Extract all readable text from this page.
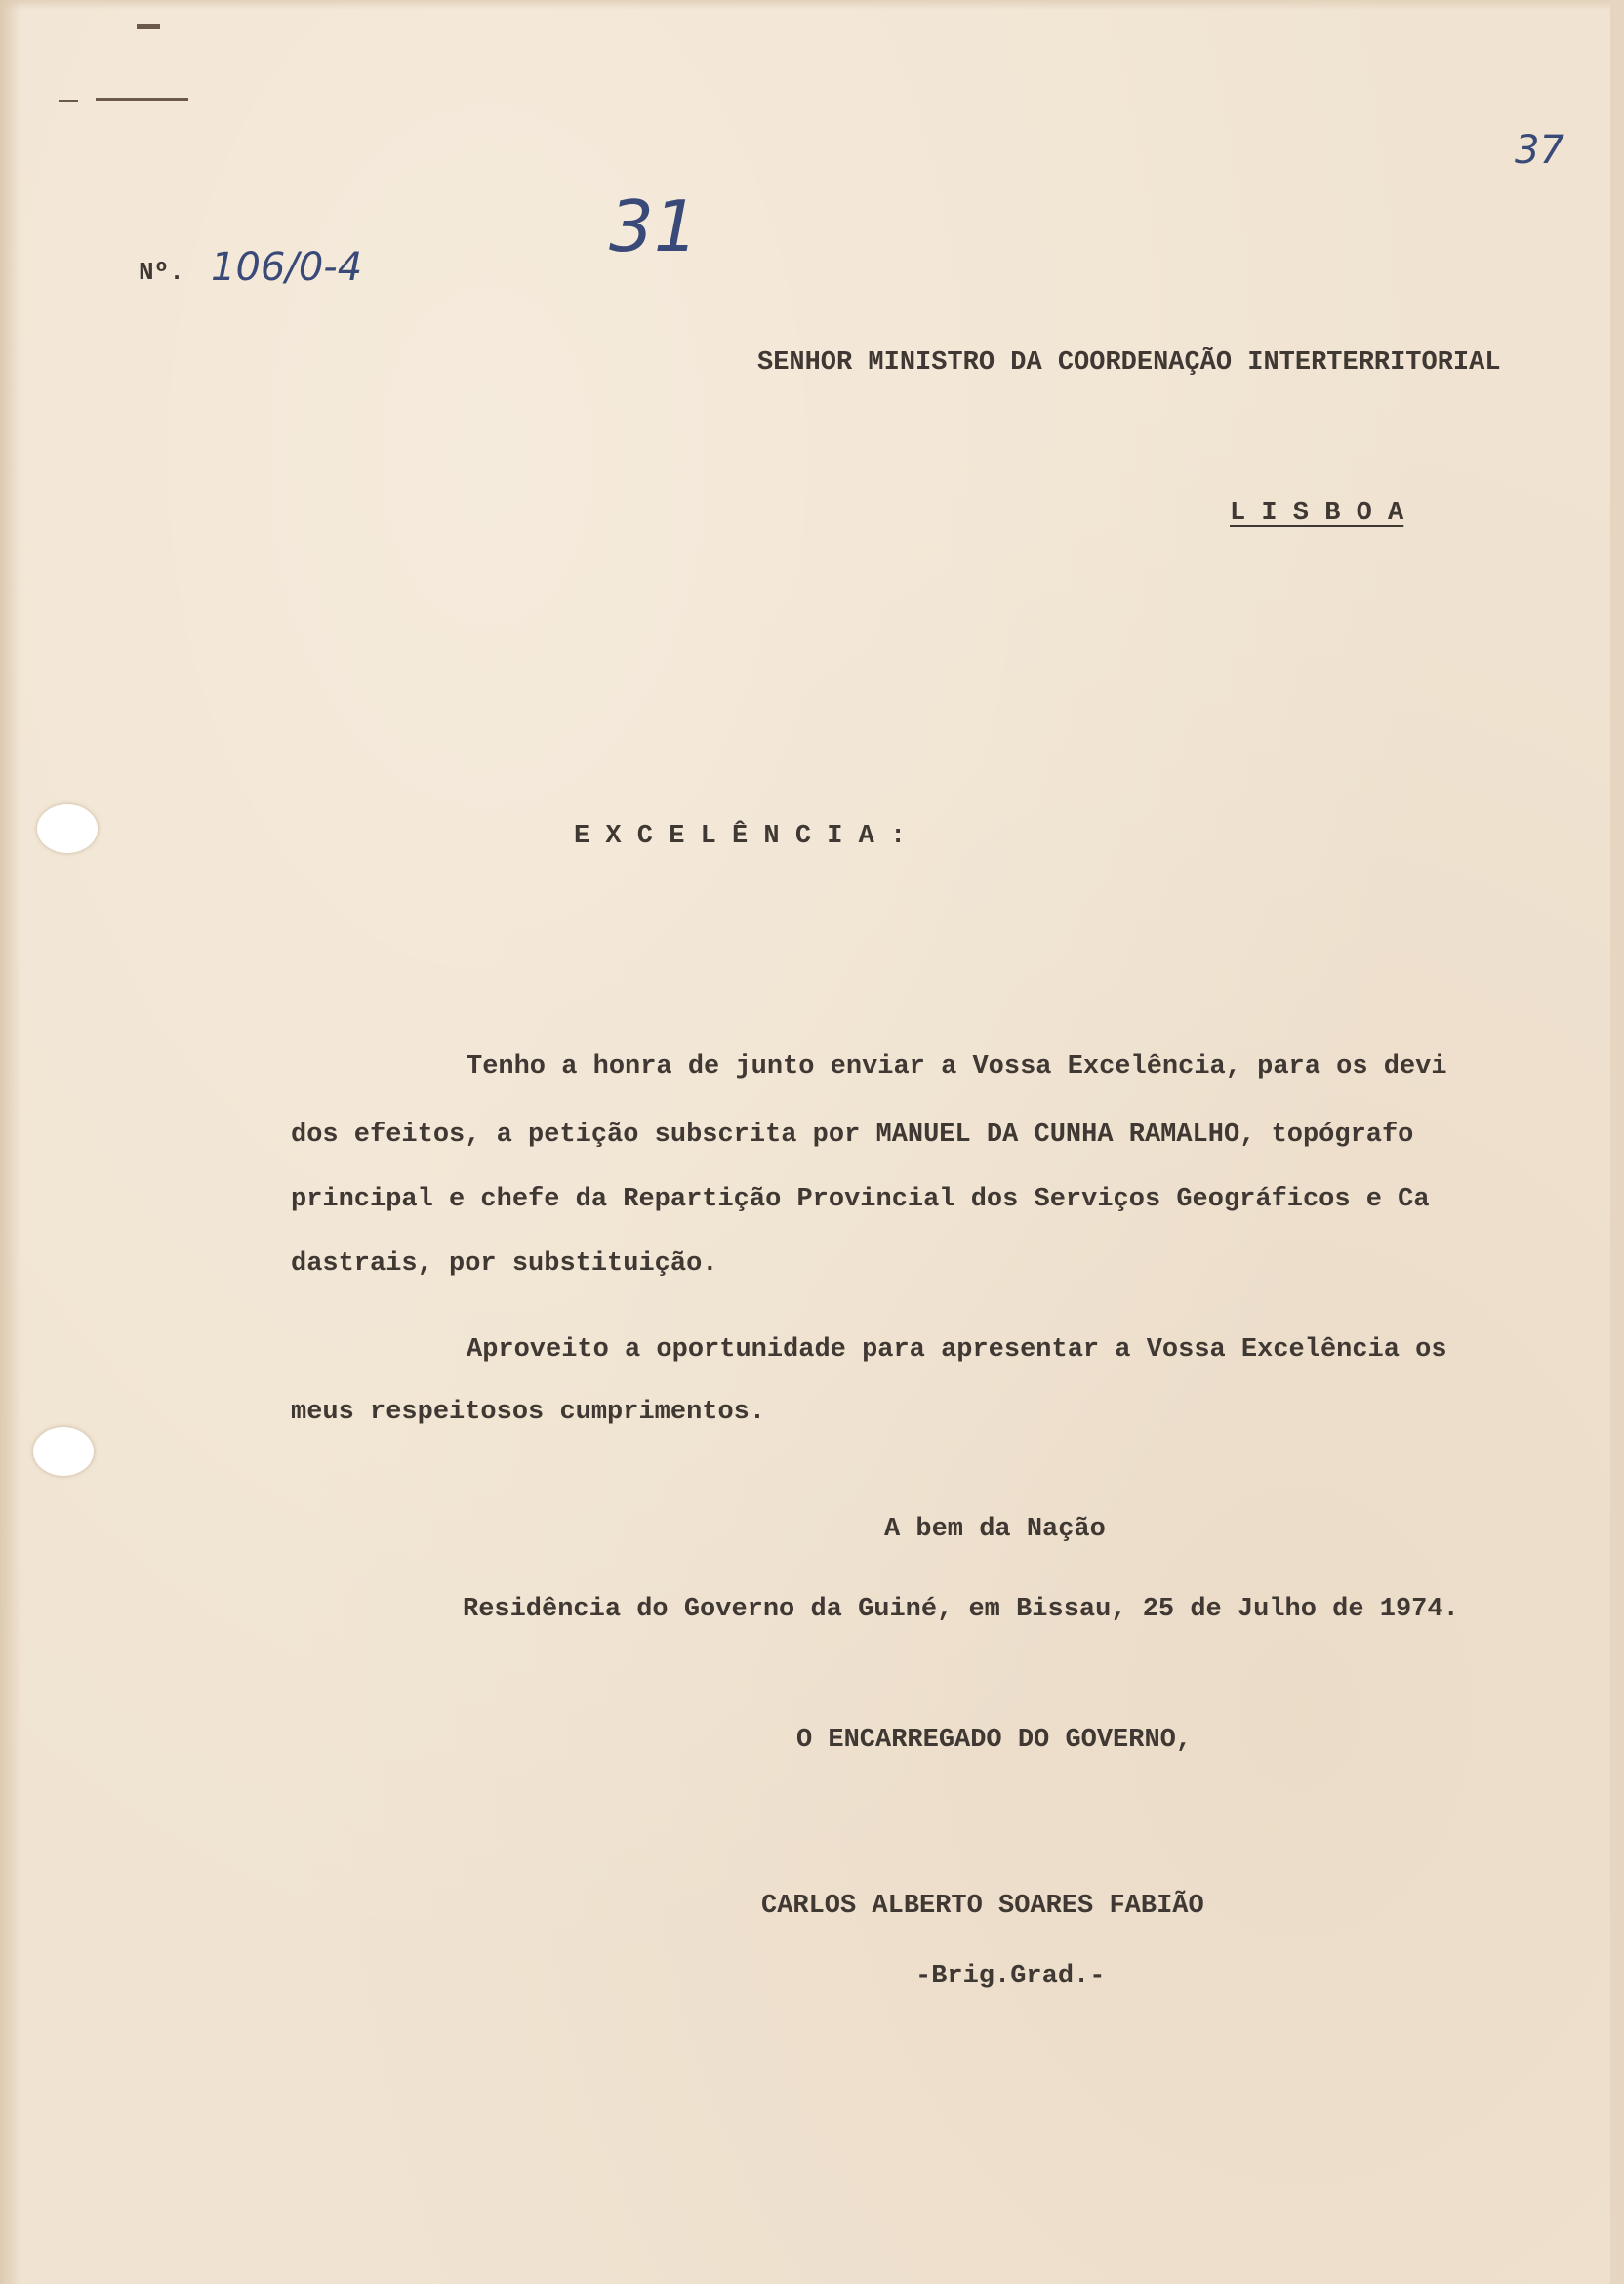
37

31

Nº. 106/0-4

SENHOR MINISTRO DA COORDENAÇÃO INTERTERRITORIAL

L I S B O A

E X C E L Ê N C I A :

Tenho a honra de junto enviar a Vossa Excelência, para os devi

dos efeitos, a petição subscrita por MANUEL DA CUNHA RAMALHO, topógrafo

principal e chefe da Repartição Provincial dos Serviços Geográficos e Ca

dastrais, por substituição.

Aproveito a oportunidade para apresentar a Vossa Excelência os

meus respeitosos cumprimentos.

A bem da Nação

Residência do Governo da Guiné, em Bissau, 25 de Julho de 1974.

O ENCARREGADO DO GOVERNO,

CARLOS ALBERTO SOARES FABIÃO

-Brig.Grad.-
